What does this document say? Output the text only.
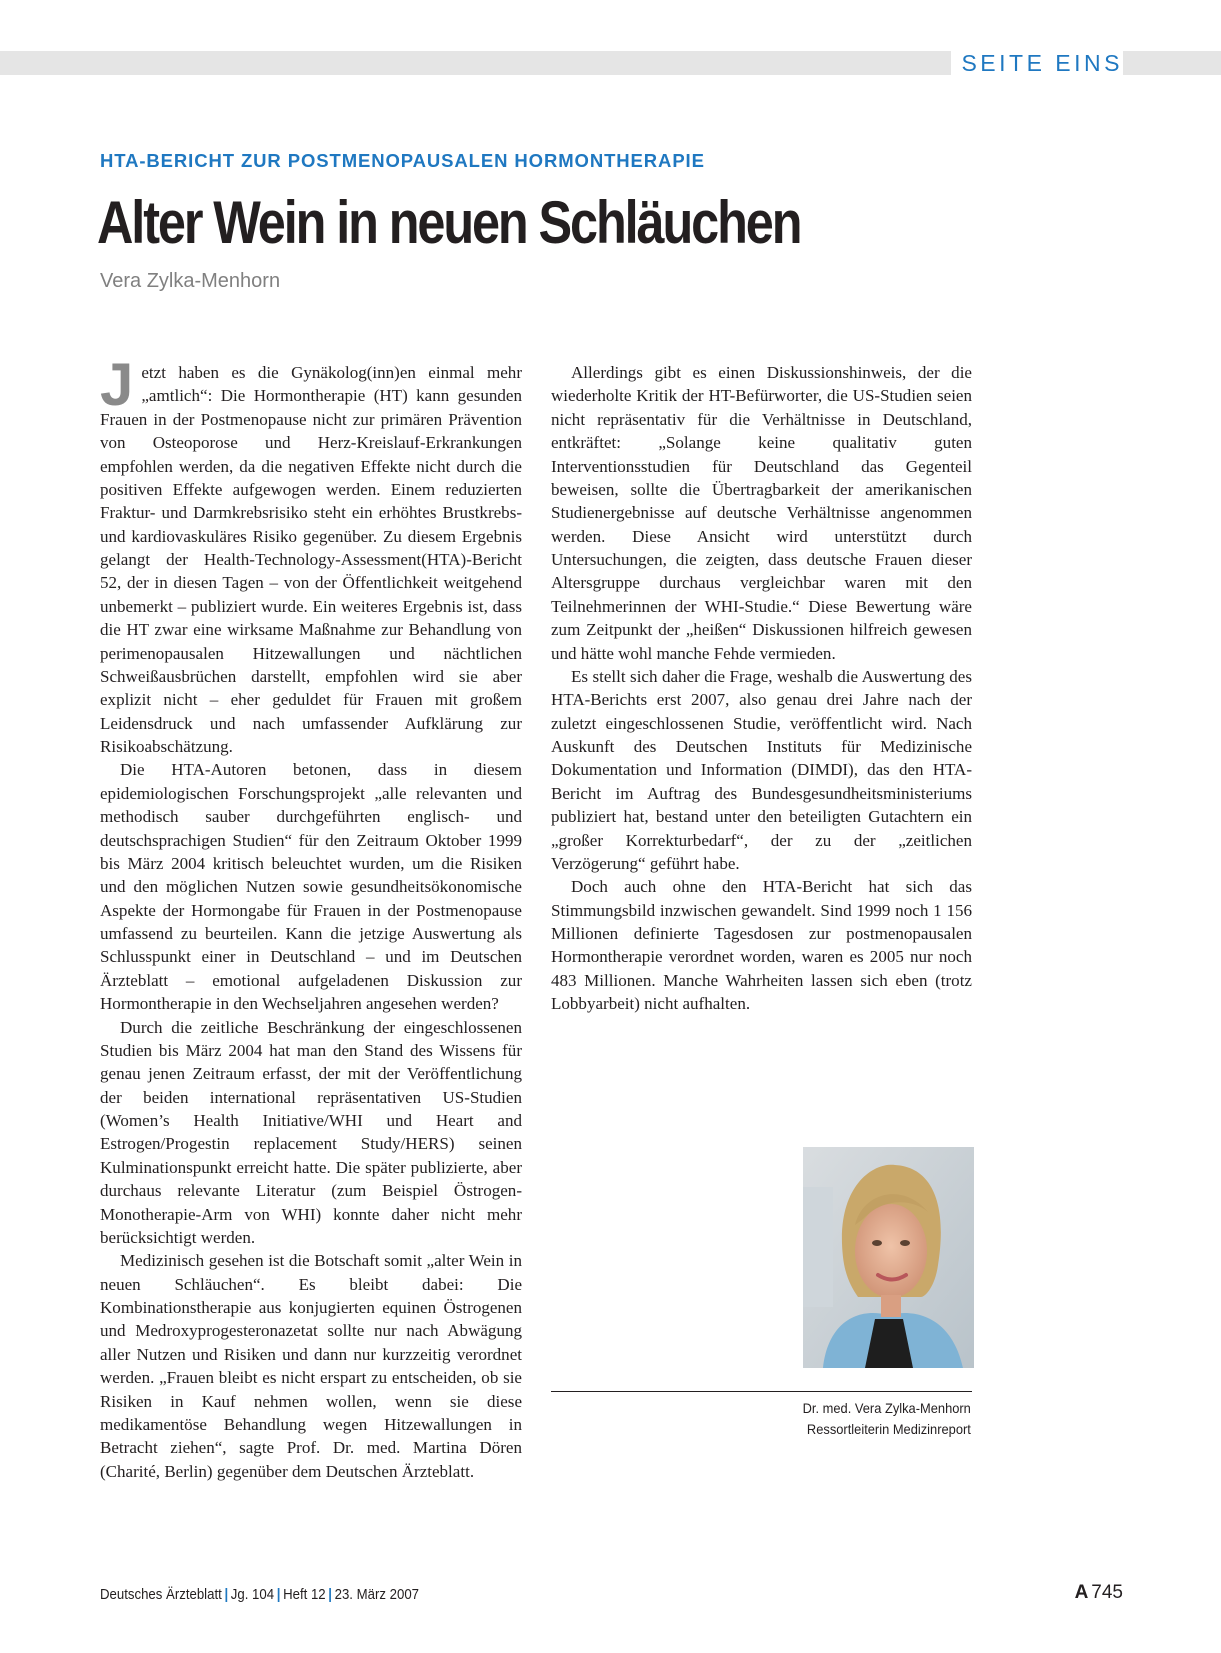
SEITE EINS
HTA-BERICHT ZUR POSTMENOPAUSALEN HORMONTHERAPIE
Alter Wein in neuen Schläuchen
Vera Zylka-Menhorn

Jetzt haben es die Gynäkolog(inn)en einmal mehr „amtlich“: Die Hormontherapie (HT) kann gesunden Frauen in der Postmenopause nicht zur primären Prävention von Osteoporose und Herz-Kreislauf-Erkrankungen empfohlen werden, da die negativen Effekte nicht durch die positiven Effekte aufgewogen werden. Einem reduzierten Fraktur- und Darmkrebsrisiko steht ein erhöhtes Brustkrebs- und kardiovaskuläres Risiko gegenüber. Zu diesem Ergebnis gelangt der Health-Technology-Assessment(HTA)-Bericht 52, der in diesen Tagen – von der Öffentlichkeit weitgehend unbemerkt – publiziert wurde. Ein weiteres Ergebnis ist, dass die HT zwar eine wirksame Maßnahme zur Behandlung von perimenopausalen Hitzewallungen und nächtlichen Schweißausbrüchen darstellt, empfohlen wird sie aber explizit nicht – eher geduldet für Frauen mit großem Leidensdruck und nach umfassender Aufklärung zur Risikoabschätzung.

Die HTA-Autoren betonen, dass in diesem epidemiologischen Forschungsprojekt „alle relevanten und methodisch sauber durchgeführten englisch- und deutschsprachigen Studien“ für den Zeitraum Oktober 1999 bis März 2004 kritisch beleuchtet wurden, um die Risiken und den möglichen Nutzen sowie gesundheitsökonomische Aspekte der Hormongabe für Frauen in der Postmenopause umfassend zu beurteilen. Kann die jetzige Auswertung als Schlusspunkt einer in Deutschland – und im Deutschen Ärzteblatt – emotional aufgeladenen Diskussion zur Hormontherapie in den Wechseljahren angesehen werden?

Durch die zeitliche Beschränkung der eingeschlossenen Studien bis März 2004 hat man den Stand des Wissens für genau jenen Zeitraum erfasst, der mit der Veröffentlichung der beiden international repräsentativen US-Studien (Women’s Health Initiative/WHI und Heart and Estrogen/Progestin replacement Study/HERS) seinen Kulminationspunkt erreicht hatte. Die später publizierte, aber durchaus relevante Literatur (zum Beispiel Östrogen-Monotherapie-Arm von WHI) konnte daher nicht mehr berücksichtigt werden.

Medizinisch gesehen ist die Botschaft somit „alter Wein in neuen Schläuchen“. Es bleibt dabei: Die Kombinationstherapie aus konjugierten equinen Östrogenen und Medroxyprogesteronazetat sollte nur nach Abwägung aller Nutzen und Risiken und dann nur kurzzeitig verordnet werden. „Frauen bleibt es nicht erspart zu entscheiden, ob sie Risiken in Kauf nehmen wollen, wenn sie diese medikamentöse Behandlung wegen Hitzewallungen in Betracht ziehen“, sagte Prof. Dr. med. Martina Dören (Charité, Berlin) gegenüber dem Deutschen Ärzteblatt.

Allerdings gibt es einen Diskussionshinweis, der die wiederholte Kritik der HT-Befürworter, die US-Studien seien nicht repräsentativ für die Verhältnisse in Deutschland, entkräftet: „Solange keine qualitativ guten Interventionsstudien für Deutschland das Gegenteil beweisen, sollte die Übertragbarkeit der amerikanischen Studienergebnisse auf deutsche Verhältnisse angenommen werden. Diese Ansicht wird unterstützt durch Untersuchungen, die zeigten, dass deutsche Frauen dieser Altersgruppe durchaus vergleichbar waren mit den Teilnehmerinnen der WHI-Studie.“ Diese Bewertung wäre zum Zeitpunkt der „heißen“ Diskussionen hilfreich gewesen und hätte wohl manche Fehde vermieden.

Es stellt sich daher die Frage, weshalb die Auswertung des HTA-Berichts erst 2007, also genau drei Jahre nach der zuletzt eingeschlossenen Studie, veröffentlicht wird. Nach Auskunft des Deutschen Instituts für Medizinische Dokumentation und Information (DIMDI), das den HTA-Bericht im Auftrag des Bundesgesundheitsministeriums publiziert hat, bestand unter den beteiligten Gutachtern ein „großer Korrekturbedarf“, der zu der „zeitlichen Verzögerung“ geführt habe.

Doch auch ohne den HTA-Bericht hat sich das Stimmungsbild inzwischen gewandelt. Sind 1999 noch 1 156 Millionen definierte Tagesdosen zur postmenopausalen Hormontherapie verordnet worden, waren es 2005 nur noch 483 Millionen. Manche Wahrheiten lassen sich eben (trotz Lobbyarbeit) nicht aufhalten.

Dr. med. Vera Zylka-Menhorn
Ressortleiterin Medizinreport
Deutsches Ärzteblatt | Jg. 104 | Heft 12 | 23. März 2007	A 745
